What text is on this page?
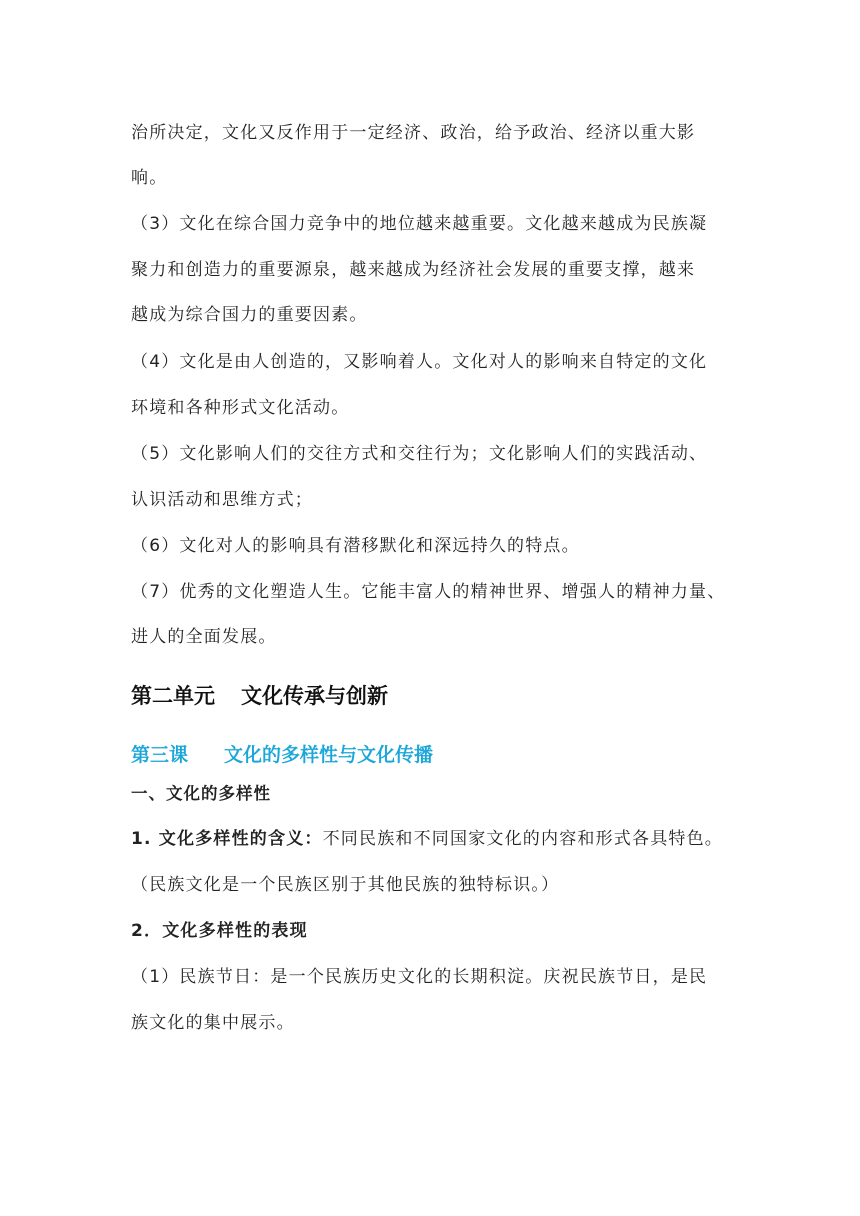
治所决定，文化又反作用于一定经济、政治，给予政治、经济以重大影
响。
（3）文化在综合国力竞争中的地位越来越重要。文化越来越成为民族凝
聚力和创造力的重要源泉，越来越成为经济社会发展的重要支撑，越来
越成为综合国力的重要因素。
（4）文化是由人创造的，又影响着人。文化对人的影响来自特定的文化
环境和各种形式文化活动。
（5）文化影响人们的交往方式和交往行为；文化影响人们的实践活动、
认识活动和思维方式；
（6）文化对人的影响具有潜移默化和深远持久的特点。
（7）优秀的文化塑造人生。它能丰富人的精神世界、增强人的精神力量、
进人的全面发展。
第二单元 文化传承与创新
第三课 文化的多样性与文化传播
一、文化的多样性
1. 文化多样性的含义：不同民族和不同国家文化的内容和形式各具特色。
（民族文化是一个民族区别于其他民族的独特标识。）
2．文化多样性的表现
（1）民族节日：是一个民族历史文化的长期积淀。庆祝民族节日，是民
族文化的集中展示。
